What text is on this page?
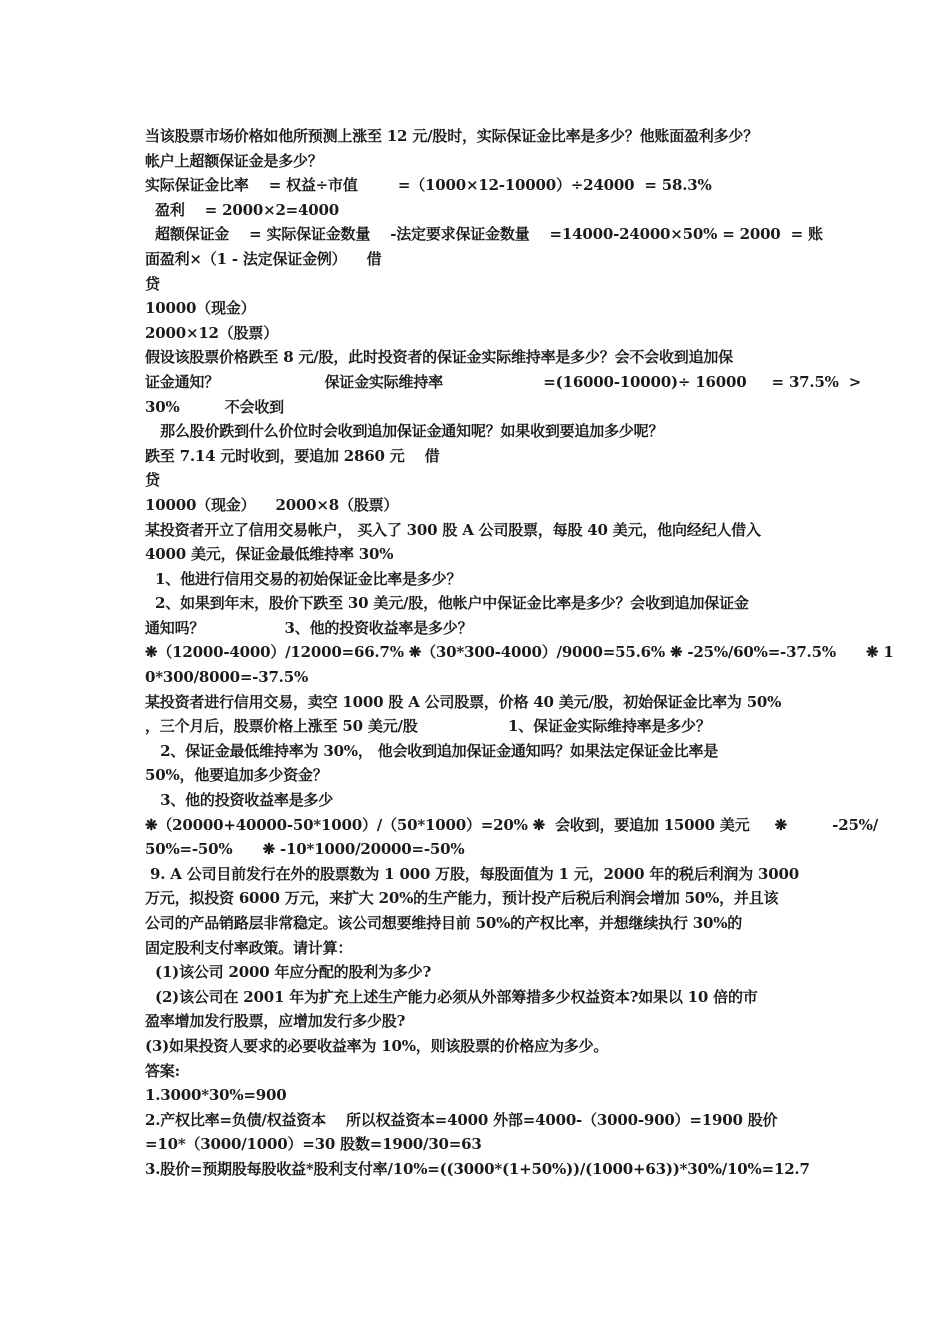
当该股票市场价格如他所预测上涨至 12 元/股时，实际保证金比率是多少？他账面盈利多少？
帐户上超额保证金是多少？
实际保证金比率    = 权益÷市值        =（1000×12-10000）÷24000  = 58.3%
盈利    = 2000×2=4000
超额保证金    = 实际保证金数量    -法定要求保证金数量    =14000-24000×50% = 2000  = 账
面盈利×（1 - 法定保证金例）    借
贷
10000（现金）
2000×12（股票）
假设该股票价格跌至 8 元/股，此时投资者的保证金实际维持率是多少？会不会收到追加保
证金通知？                     保证金实际维持率                    =(16000-10000)÷ 16000     = 37.5%  >
30%         不会收到
那么股价跌到什么价位时会收到追加保证金通知呢？如果收到要追加多少呢？
跌至 7.14 元时收到，要追加 2860 元    借
贷
10000（现金）    2000×8（股票）
某投资者开立了信用交易帐户， 买入了 300 股 A 公司股票，每股 40 美元，他向经纪人借入
4000 美元，保证金最低维持率 30%
1、他进行信用交易的初始保证金比率是多少？
2、如果到年末，股价下跌至 30 美元/股，他帐户中保证金比率是多少？会收到追加保证金
通知吗？                3、他的投资收益率是多少？
❋（12000-4000）/12000=66.7% ❋（30*300-4000）/9000=55.6% ❋ -25%/60%=-37.5%      ❋ 1
0*300/8000=-37.5%
某投资者进行信用交易，卖空 1000 股 A 公司股票，价格 40 美元/股，初始保证金比率为 50%
，三个月后，股票价格上涨至 50 美元/股                  1、保证金实际维持率是多少？
2、保证金最低维持率为 30%， 他会收到追加保证金通知吗？如果法定保证金比率是
50%，他要追加多少资金？
3、他的投资收益率是多少
❋（20000+40000-50*1000）/（50*1000）=20% ❋  会收到，要追加 15000 美元     ❋         -25%/
50%=-50%      ❋ -10*1000/20000=-50%
9. A 公司目前发行在外的股票数为 1 000 万股，每股面值为 1 元，2000 年的税后利润为 3000
万元，拟投资 6000 万元，来扩大 20%的生产能力，预计投产后税后利润会增加 50%，并且该
公司的产品销路层非常稳定。该公司想要维持目前 50%的产权比率，并想继续执行 30%的
固定股利支付率政策。请计算：
(1)该公司 2000 年应分配的股利为多少?
(2)该公司在 2001 年为扩充上述生产能力必须从外部筹措多少权益资本?如果以 10 倍的市
盈率增加发行股票，应增加发行多少股?
(3)如果投资人要求的必要收益率为 10%，则该股票的价格应为多少。
答案:
1.3000*30%=900
2.产权比率=负债/权益资本    所以权益资本=4000 外部=4000-（3000-900）=1900 股价
=10*（3000/1000）=30 股数=1900/30=63
3.股价=预期股每股收益*股利支付率/10%=((3000*(1+50%))/(1000+63))*30%/10%=12.7
